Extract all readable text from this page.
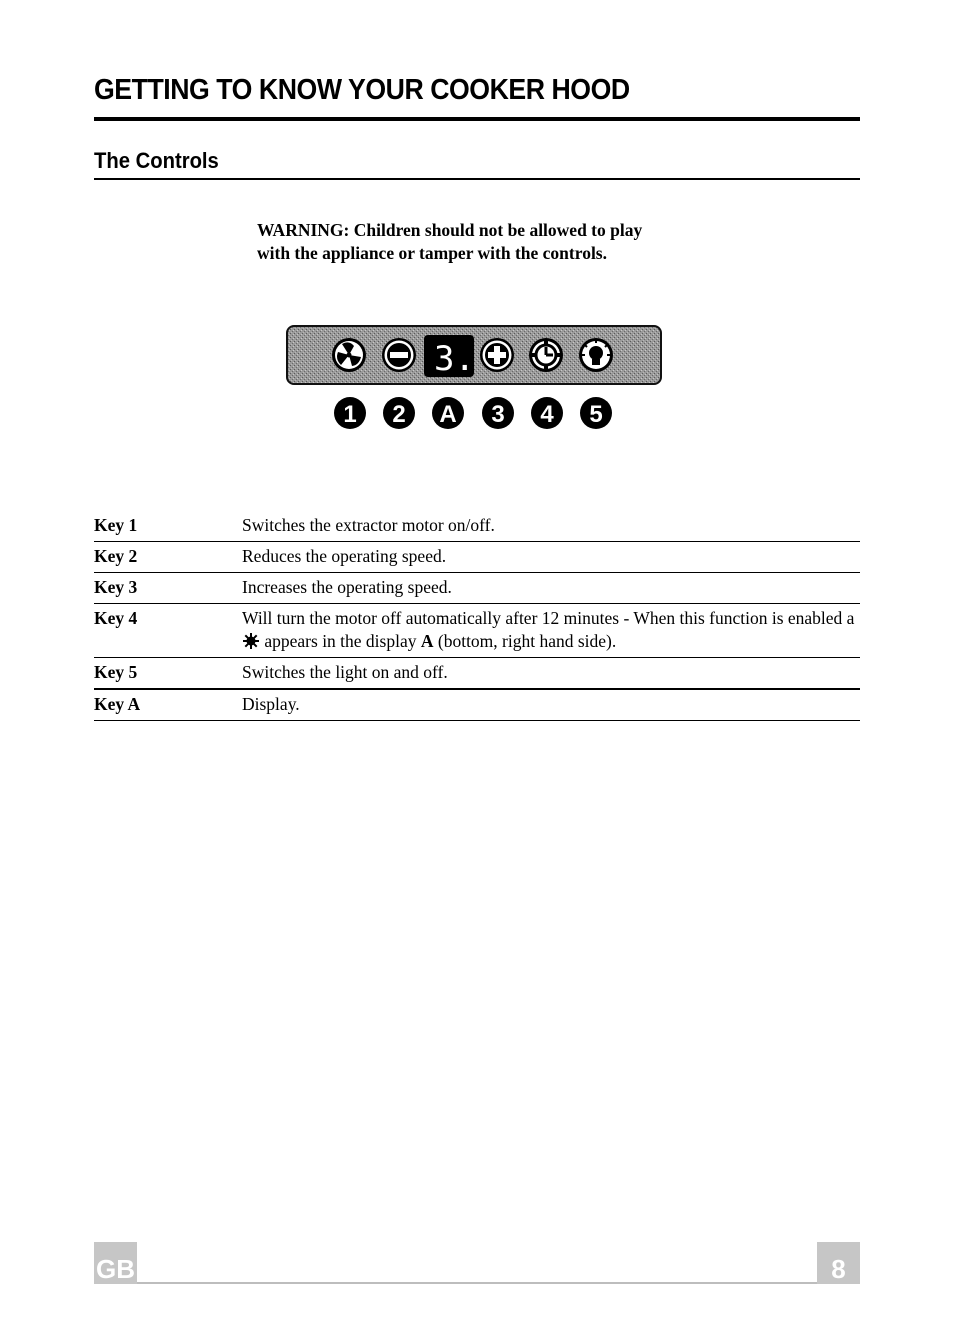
GETTING TO KNOW YOUR COOKER HOOD
The Controls
WARNING: Children should not be allowed to play
with the appliance or tamper with the controls.
3.
1 2 A 3 4 5
Key 1	Switches the extractor motor on/off.
Key 2	Reduces the operating speed.
Key 3	Increases the operating speed.
Key 4	Will turn the motor off automatically after 12 minutes - When this function is enabled a  appears in the display A (bottom, right hand side).
Key 5	Switches the light on and off.
Key A	Display.
GB	8
